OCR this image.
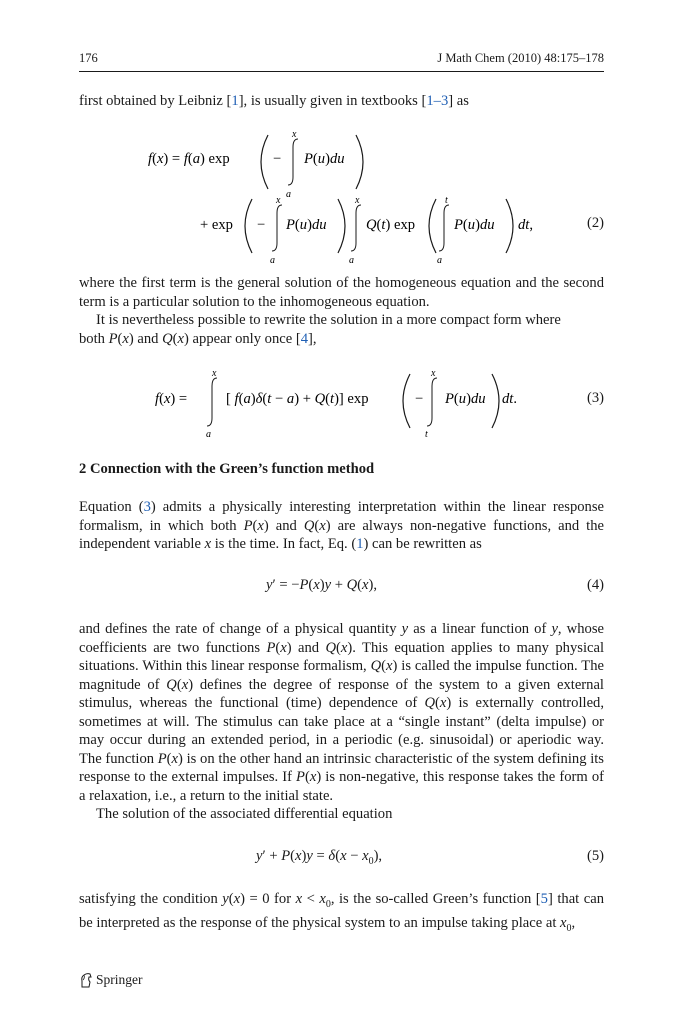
176	J Math Chem (2010) 48:175–178
first obtained by Leibniz [1], is usually given in textbooks [1–3] as
f(x) = f(a) exp	−
x
a
P(u)du
+ exp −
x
a
P(u)du
x
a
Q(t) exp
t
a
P(u)du dt,	(2)
where the first term is the general solution of the homogeneous equation and the second term is a particular solution to the inhomogeneous equation.
It is nevertheless possible to rewrite the solution in a more compact form where
both P(x) and Q(x) appear only once [4],
f(x) =
x
a
[ f(a)δ(t − a) + Q(t)] exp	−
x
t
P(u)du dt.	(3)
2 Connection with the Green’s function method
Equation (3) admits a physically interesting interpretation within the linear response formalism, in which both P(x) and Q(x) are always non-negative functions, and the independent variable x is the time. In fact, Eq. (1) can be rewritten as
y′ = −P(x)y + Q(x),	(4)
and defines the rate of change of a physical quantity y as a linear function of y, whose coefficients are two functions P(x) and Q(x). This equation applies to many physical situations. Within this linear response formalism, Q(x) is called the impulse function. The magnitude of Q(x) defines the degree of response of the system to a given external stimulus, whereas the functional (time) dependence of Q(x) is externally controlled, sometimes at will. The stimulus can take place at a “single instant” (delta impulse) or may occur during an extended period, in a periodic (e.g. sinusoidal) or aperiodic way. The function P(x) is on the other hand an intrinsic characteristic of the system defining its response to the external impulses. If P(x) is non-negative, this response takes the form of a relaxation, i.e., a return to the initial state.
The solution of the associated differential equation
$y' + P(x)y = \delta(x - x_0)$,	(5)
satisfying the condition y(x) = 0 for $x < x_0$, is the so-called Green’s function [5] that can be interpreted as the response of the physical system to an impulse taking place at $x_0$,
Springer
